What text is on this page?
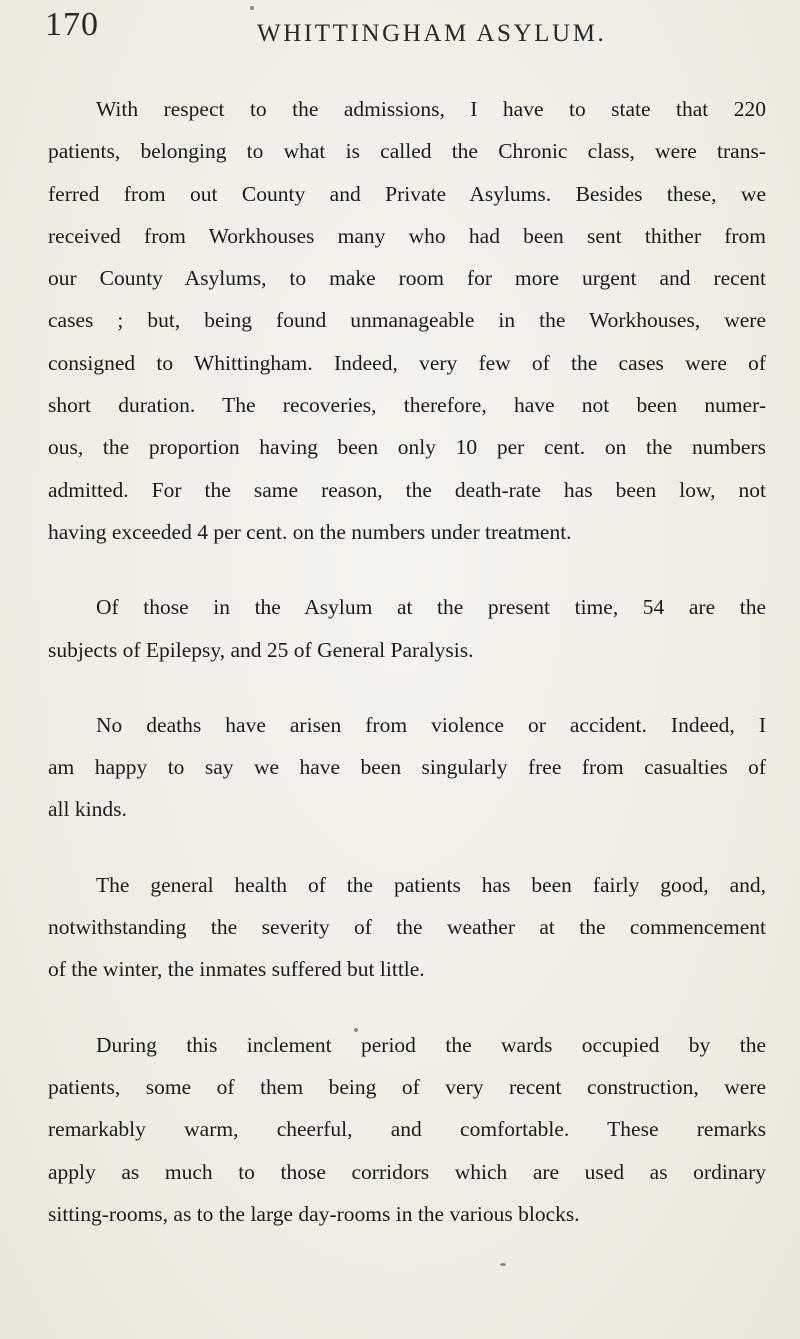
170	WHITTINGHAM ASYLUM.

With respect to the admissions, I have to state that 220
patients, belonging to what is called the Chronic class, were trans-
ferred from out County and Private Asylums. Besides these, we
received from Workhouses many who had been sent thither from
our County Asylums, to make room for more urgent and recent
cases ; but, being found unmanageable in the Workhouses, were
consigned to Whittingham. Indeed, very few of the cases were of
short duration. The recoveries, therefore, have not been numer-
ous, the proportion having been only 10 per cent. on the numbers
admitted. For the same reason, the death-rate has been low, not
having exceeded 4 per cent. on the numbers under treatment.

Of those in the Asylum at the present time, 54 are the
subjects of Epilepsy, and 25 of General Paralysis.

No deaths have arisen from violence or accident. Indeed, I
am happy to say we have been singularly free from casualties of
all kinds.

The general health of the patients has been fairly good, and,
notwithstanding the severity of the weather at the commencement
of the winter, the inmates suffered but little.

During this inclement period the wards occupied by the
patients, some of them being of very recent construction, were
remarkably warm, cheerful, and comfortable. These remarks
apply as much to those corridors which are used as ordinary
sitting-rooms, as to the large day-rooms in the various blocks.
